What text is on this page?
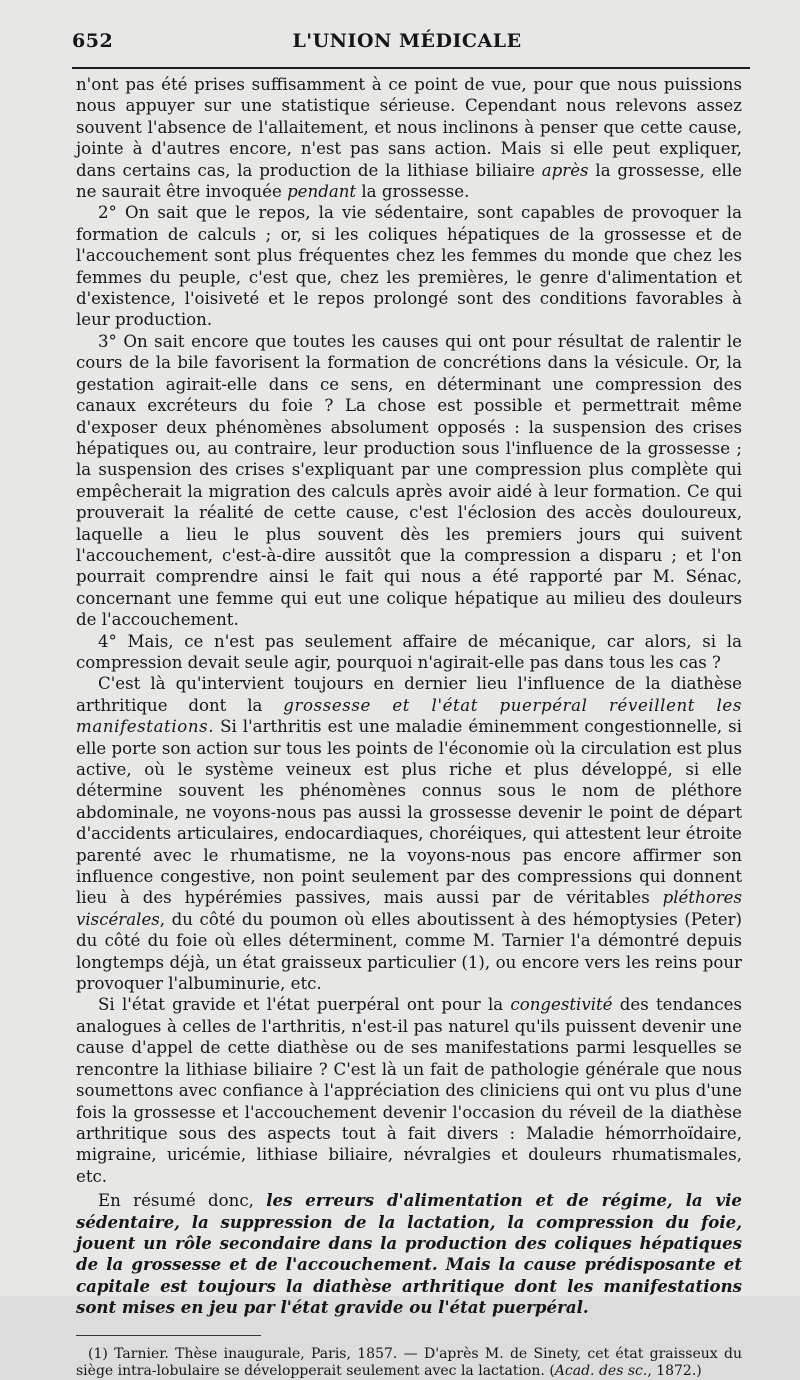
652	L'UNION MÉDICALE

n'ont pas été prises suffisamment à ce point de vue, pour que nous puissions nous appuyer sur une statistique sérieuse. Cependant nous relevons assez souvent l'absence de l'allaitement, et nous inclinons à penser que cette cause, jointe à d'autres encore, n'est pas sans action. Mais si elle peut expliquer, dans certains cas, la production de la lithiase biliaire après la grossesse, elle ne saurait être invoquée pendant la grossesse.

2° On sait que le repos, la vie sédentaire, sont capables de provoquer la formation de calculs ; or, si les coliques hépatiques de la grossesse et de l'accouchement sont plus fréquentes chez les femmes du monde que chez les femmes du peuple, c'est que, chez les premières, le genre d'alimentation et d'existence, l'oisiveté et le repos prolongé sont des conditions favorables à leur production.

3° On sait encore que toutes les causes qui ont pour résultat de ralentir le cours de la bile favorisent la formation de concrétions dans la vésicule. Or, la gestation agirait-elle dans ce sens, en déterminant une compression des canaux excréteurs du foie ? La chose est possible et permettrait même d'exposer deux phénomènes absolument opposés : la suspension des crises hépatiques ou, au contraire, leur production sous l'influence de la grossesse ; la suspension des crises s'expliquant par une compression plus complète qui empêcherait la migration des calculs après avoir aidé à leur formation. Ce qui prouverait la réalité de cette cause, c'est l'éclosion des accès douloureux, laquelle a lieu le plus souvent dès les premiers jours qui suivent l'accouchement, c'est-à-dire aussitôt que la compression a disparu ; et l'on pourrait comprendre ainsi le fait qui nous a été rapporté par M. Sénac, concernant une femme qui eut une colique hépatique au milieu des douleurs de l'accouchement.

4° Mais, ce n'est pas seulement affaire de mécanique, car alors, si la compression devait seule agir, pourquoi n'agirait-elle pas dans tous les cas ?

C'est là qu'intervient toujours en dernier lieu l'influence de la diathèse arthritique dont la grossesse et l'état puerpéral réveillent les manifestations. Si l'arthritis est une maladie éminemment congestionnelle, si elle porte son action sur tous les points de l'économie où la circulation est plus active, où le système veineux est plus riche et plus développé, si elle détermine souvent les phénomènes connus sous le nom de pléthore abdominale, ne voyons-nous pas aussi la grossesse devenir le point de départ d'accidents articulaires, endocardiaques, choréiques, qui attestent leur étroite parenté avec le rhumatisme, ne la voyons-nous pas encore affirmer son influence congestive, non point seulement par des compressions qui donnent lieu à des hypérémies passives, mais aussi par de véritables pléthores viscérales, du côté du poumon où elles aboutissent à des hémoptysies (Peter) du côté du foie où elles déterminent, comme M. Tarnier l'a démontré depuis longtemps déjà, un état graisseux particulier (1), ou encore vers les reins pour provoquer l'albuminurie, etc.

Si l'état gravide et l'état puerpéral ont pour la congestivité des tendances analogues à celles de l'arthritis, n'est-il pas naturel qu'ils puissent devenir une cause d'appel de cette diathèse ou de ses manifestations parmi lesquelles se rencontre la lithiase biliaire ? C'est là un fait de pathologie générale que nous soumettons avec confiance à l'appréciation des cliniciens qui ont vu plus d'une fois la grossesse et l'accouchement devenir l'occasion du réveil de la diathèse arthritique sous des aspects tout à fait divers : Maladie hémorrhoïdaire, migraine, uricémie, lithiase biliaire, névralgies et douleurs rhumatismales, etc.

En résumé donc, les erreurs d'alimentation et de régime, la vie sédentaire, la suppression de la lactation, la compression du foie, jouent un rôle secondaire dans la production des coliques hépatiques de la grossesse et de l'accouchement. Mais la cause prédisposante et capitale est toujours la diathèse arthritique dont les manifestations sont mises en jeu par l'état gravide ou l'état puerpéral.

(1) Tarnier. Thèse inaugurale, Paris, 1857. — D'après M. de Sinety, cet état graisseux du siège intra-lobulaire se développerait seulement avec la lactation. (Acad. des sc., 1872.)
